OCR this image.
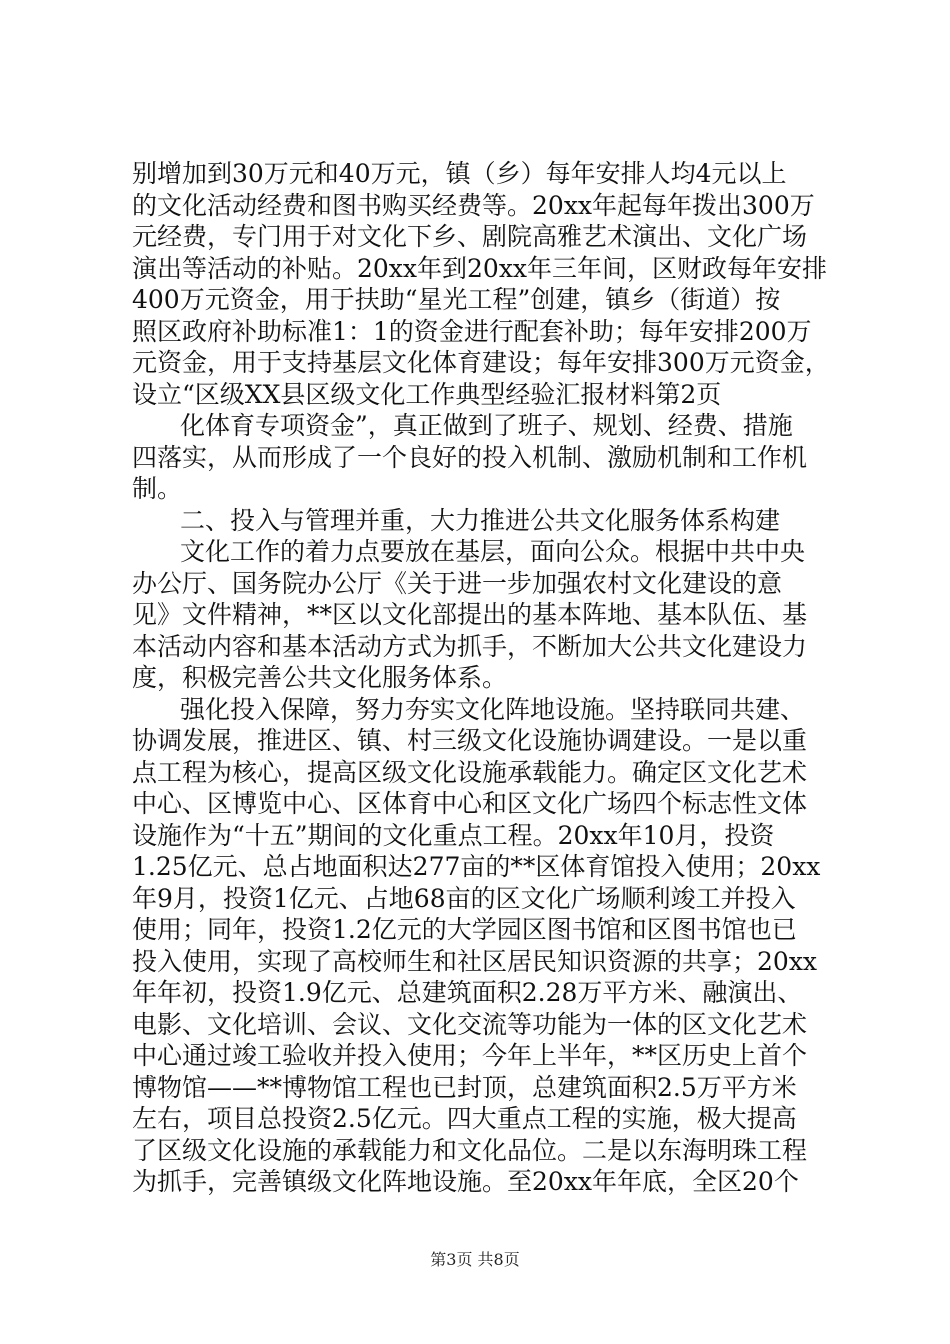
别增加到30万元和40万元，镇（乡）每年安排人均4元以上
的文化活动经费和图书购买经费等。20xx年起每年拨出300万
元经费，专门用于对文化下乡、剧院高雅艺术演出、文化广场
演出等活动的补贴。20xx年到20xx年三年间，区财政每年安排
400万元资金，用于扶助“星光工程”创建，镇乡（街道）按
照区政府补助标准1：1的资金进行配套补助；每年安排200万
元资金，用于支持基层文化体育建设；每年安排300万元资金，
设立“区级XX县区级文化工作典型经验汇报材料第2页
化体育专项资金”，真正做到了班子、规划、经费、措施
四落实，从而形成了一个良好的投入机制、激励机制和工作机
制。
二、投入与管理并重，大力推进公共文化服务体系构建
文化工作的着力点要放在基层，面向公众。根据中共中央
办公厅、国务院办公厅《关于进一步加强农村文化建设的意
见》文件精神，**区以文化部提出的基本阵地、基本队伍、基
本活动内容和基本活动方式为抓手，不断加大公共文化建设力
度，积极完善公共文化服务体系。
强化投入保障，努力夯实文化阵地设施。坚持联同共建、
协调发展，推进区、镇、村三级文化设施协调建设。一是以重
点工程为核心，提高区级文化设施承载能力。确定区文化艺术
中心、区博览中心、区体育中心和区文化广场四个标志性文体
设施作为“十五”期间的文化重点工程。20xx年10月，投资
1.25亿元、总占地面积达277亩的**区体育馆投入使用；20xx
年9月，投资1亿元、占地68亩的区文化广场顺利竣工并投入
使用；同年，投资1.2亿元的大学园区图书馆和区图书馆也已
投入使用，实现了高校师生和社区居民知识资源的共享；20xx
年年初，投资1.9亿元、总建筑面积2.28万平方米、融演出、
电影、文化培训、会议、文化交流等功能为一体的区文化艺术
中心通过竣工验收并投入使用；今年上半年，**区历史上首个
博物馆——**博物馆工程也已封顶，总建筑面积2.5万平方米
左右，项目总投资2.5亿元。四大重点工程的实施，极大提高
了区级文化设施的承载能力和文化品位。二是以东海明珠工程
为抓手，完善镇级文化阵地设施。至20xx年年底，全区20个
第3页 共8页
